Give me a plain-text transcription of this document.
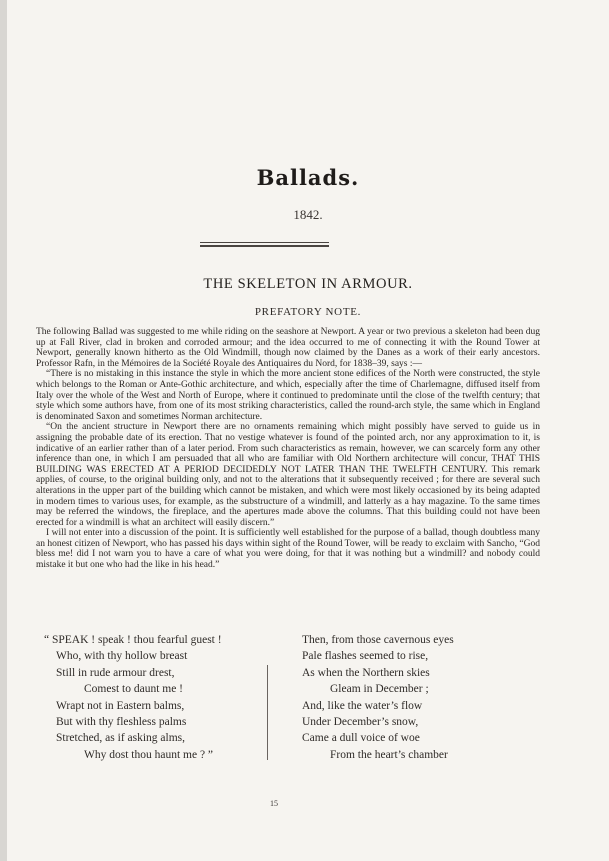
Ballads.
1842.
THE SKELETON IN ARMOUR.
PREFATORY NOTE.

The following Ballad was suggested to me while riding on the seashore at Newport. A year or two previous a skeleton had been dug up at Fall River, clad in broken and corroded armour; and the idea occurred to me of connecting it with the Round Tower at Newport, generally known hitherto as the Old Windmill, though now claimed by the Danes as a work of their early ancestors. Professor Rafn, in the Mémoires de la Société Royale des Antiquaires du Nord, for 1838–39, says :—

“There is no mistaking in this instance the style in which the more ancient stone edifices of the North were constructed, the style which belongs to the Roman or Ante-Gothic architecture, and which, especially after the time of Charlemagne, diffused itself from Italy over the whole of the West and North of Europe, where it continued to predominate until the close of the twelfth century; that style which some authors have, from one of its most striking characteristics, called the round-arch style, the same which in England is denominated Saxon and sometimes Norman architecture.

“On the ancient structure in Newport there are no ornaments remaining which might possibly have served to guide us in assigning the probable date of its erection. That no vestige whatever is found of the pointed arch, nor any approximation to it, is indicative of an earlier rather than of a later period. From such characteristics as remain, however, we can scarcely form any other inference than one, in which I am persuaded that all who are familiar with Old Northern architecture will concur, THAT THIS BUILDING WAS ERECTED AT A PERIOD DECIDEDLY NOT LATER THAN THE TWELFTH CENTURY. This remark applies, of course, to the original building only, and not to the alterations that it subsequently received ; for there are several such alterations in the upper part of the building which cannot be mistaken, and which were most likely occasioned by its being adapted in modern times to various uses, for example, as the substructure of a windmill, and latterly as a hay magazine. To the same times may be referred the windows, the fireplace, and the apertures made above the columns. That this building could not have been erected for a windmill is what an architect will easily discern.”

I will not enter into a discussion of the point. It is sufficiently well established for the purpose of a ballad, though doubtless many an honest citizen of Newport, who has passed his days within sight of the Round Tower, will be ready to exclaim with Sancho, “God bless me! did I not warn you to have a care of what you were doing, for that it was nothing but a windmill? and nobody could mistake it but one who had the like in his head.”

“ SPEAK ! speak ! thou fearful guest !
Who, with thy hollow breast
Still in rude armour drest,
Comest to daunt me !
Wrapt not in Eastern balms,
But with thy fleshless palms
Stretched, as if asking alms,
Why dost thou haunt me ? ”
Then, from those cavernous eyes
Pale flashes seemed to rise,
As when the Northern skies
Gleam in December ;
And, like the water’s flow
Under December’s snow,
Came a dull voice of woe
From the heart’s chamber
15
